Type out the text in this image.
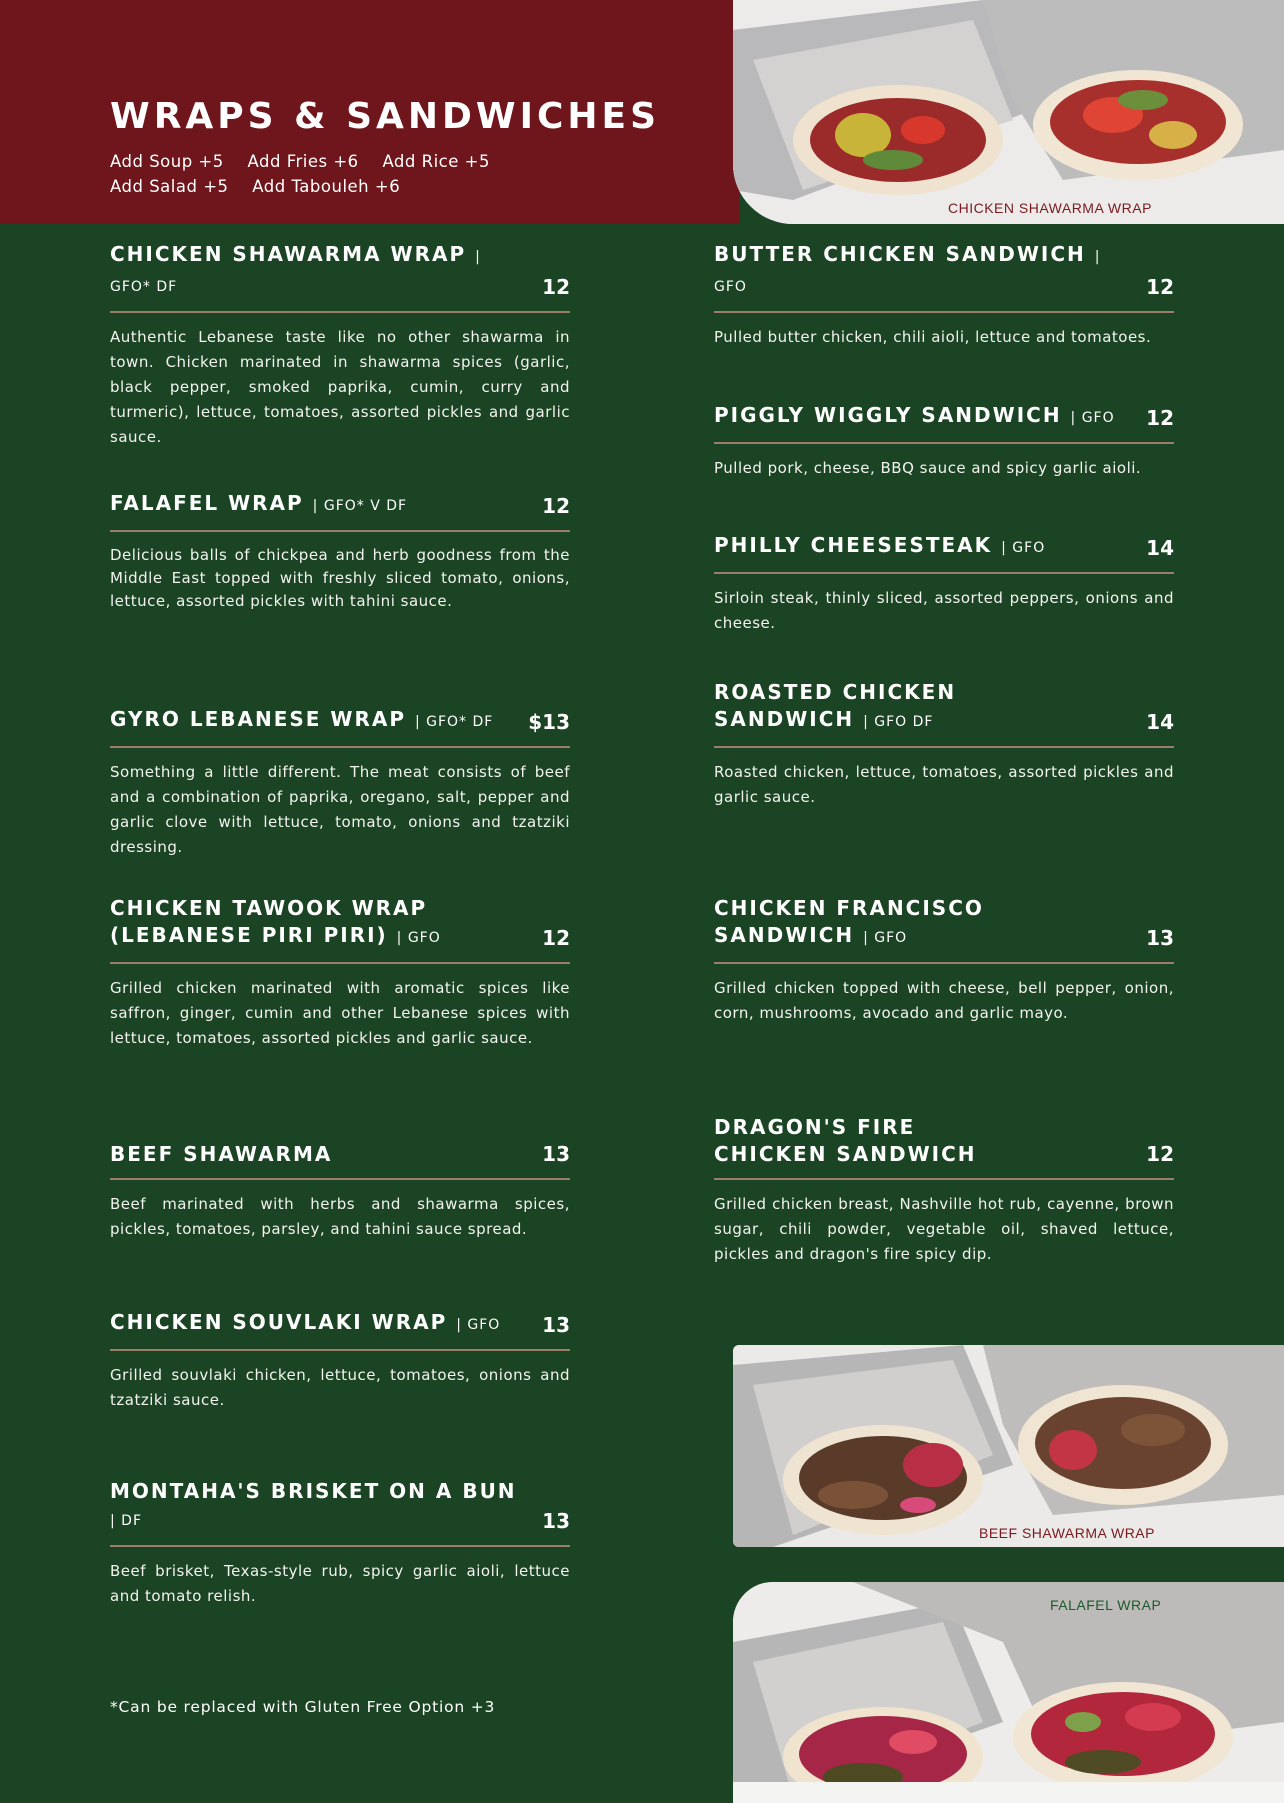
WRAPS & SANDWICHES
Add Soup +5 Add Fries +6 Add Rice +5
Add Salad +5 Add Tabouleh +6
CHICKEN SHAWARMA WRAP
BEEF SHAWARMA WRAP
FALAFEL WRAP
CHICKEN SHAWARMA WRAP | GFO* DF	12
Authentic Lebanese taste like no other shawarma in town. Chicken marinated in shawarma spices (garlic, black pepper, smoked paprika, cumin, curry and turmeric), lettuce, tomatoes, assorted pickles and garlic sauce.
FALAFEL WRAP | GFO* V DF	12
Delicious balls of chickpea and herb goodness from the Middle East topped with freshly sliced tomato, onions, lettuce, assorted pickles with tahini sauce.
GYRO LEBANESE WRAP | GFO* DF	$13
Something a little different. The meat consists of beef and a combination of paprika, oregano, salt, pepper and garlic clove with lettuce, tomato, onions and tzatziki dressing.
CHICKEN TAWOOK WRAP (LEBANESE PIRI PIRI) | GFO	12
Grilled chicken marinated with aromatic spices like saffron, ginger, cumin and other Lebanese spices with lettuce, tomatoes, assorted pickles and garlic sauce.
BEEF SHAWARMA	13
Beef marinated with herbs and shawarma spices, pickles, tomatoes, parsley, and tahini sauce spread.
CHICKEN SOUVLAKI WRAP | GFO	13
Grilled souvlaki chicken, lettuce, tomatoes, onions and tzatziki sauce.
MONTAHA'S BRISKET ON A BUN | DF	13
Beef brisket, Texas-style rub, spicy garlic aioli, lettuce and tomato relish.
BUTTER CHICKEN SANDWICH | GFO	12
Pulled butter chicken, chili aioli, lettuce and tomatoes.
PIGGLY WIGGLY SANDWICH | GFO	12
Pulled pork, cheese, BBQ sauce and spicy garlic aioli.
PHILLY CHEESESTEAK | GFO	14
Sirloin steak, thinly sliced, assorted peppers, onions and cheese.
ROASTED CHICKEN SANDWICH | GFO DF	14
Roasted chicken, lettuce, tomatoes, assorted pickles and garlic sauce.
CHICKEN FRANCISCO SANDWICH | GFO	13
Grilled chicken topped with cheese, bell pepper, onion, corn, mushrooms, avocado and garlic mayo.
DRAGON'S FIRE CHICKEN SANDWICH	12
Grilled chicken breast, Nashville hot rub, cayenne, brown sugar, chili powder, vegetable oil, shaved lettuce, pickles and dragon's fire spicy dip.
*Can be replaced with Gluten Free Option +3
